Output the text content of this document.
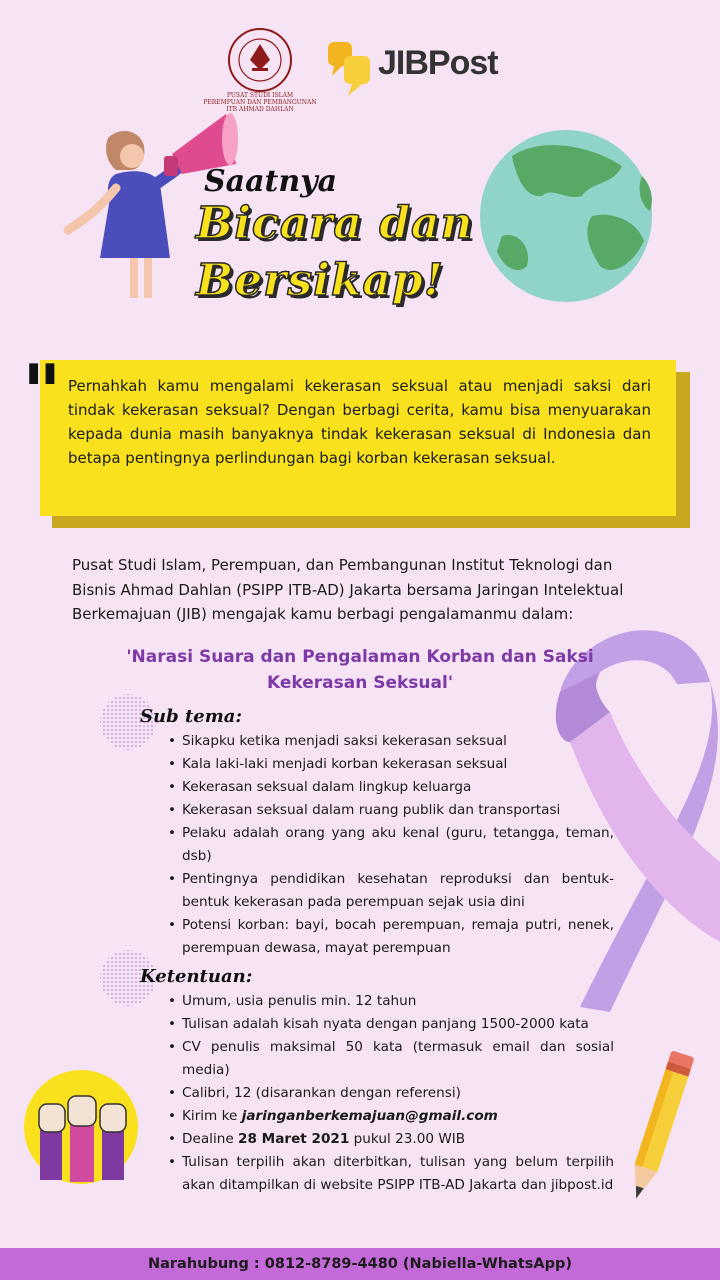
PUSAT STUDI ISLAM
PEREMPUAN DAN PEMBANGUNAN
ITB AHMAD DAHLAN
JIBPost
Saatnya
Bicara dan
Bersikap!
" Pernahkah kamu mengalami kekerasan seksual atau menjadi saksi dari tindak kekerasan seksual? Dengan berbagi cerita, kamu bisa menyuarakan kepada dunia masih banyaknya tindak kekerasan seksual di Indonesia dan betapa pentingnya perlindungan bagi korban kekerasan seksual.

Pusat Studi Islam, Perempuan, dan Pembangunan Institut Teknologi dan Bisnis Ahmad Dahlan (PSIPP ITB-AD) Jakarta bersama Jaringan Intelektual Berkemajuan (JIB) mengajak kamu berbagi pengalamanmu dalam:

'Narasi Suara dan Pengalaman Korban dan Saksi Kekerasan Seksual'

Sub tema:
• Sikapku ketika menjadi saksi kekerasan seksual
• Kala laki-laki menjadi korban kekerasan seksual
• Kekerasan seksual dalam lingkup keluarga
• Kekerasan seksual dalam ruang publik dan transportasi
• Pelaku adalah orang yang aku kenal (guru, tetangga, teman, dsb)
• Pentingnya pendidikan kesehatan reproduksi dan bentuk-bentuk kekerasan pada perempuan sejak usia dini
• Potensi korban: bayi, bocah perempuan, remaja putri, nenek, perempuan dewasa, mayat perempuan
Ketentuan:
• Umum, usia penulis min. 12 tahun
• Tulisan adalah kisah nyata dengan panjang 1500-2000 kata
• CV penulis maksimal 50 kata (termasuk email dan sosial media)
• Calibri, 12 (disarankan dengan referensi)
• Kirim ke jaringanberkemajuan@gmail.com
• Dealine 28 Maret 2021 pukul 23.00 WIB
• Tulisan terpilih akan diterbitkan, tulisan yang belum terpilih akan ditampilkan di website PSIPP ITB-AD Jakarta dan jibpost.id
Narahubung : 0812-8789-4480 (Nabiella-WhatsApp)
